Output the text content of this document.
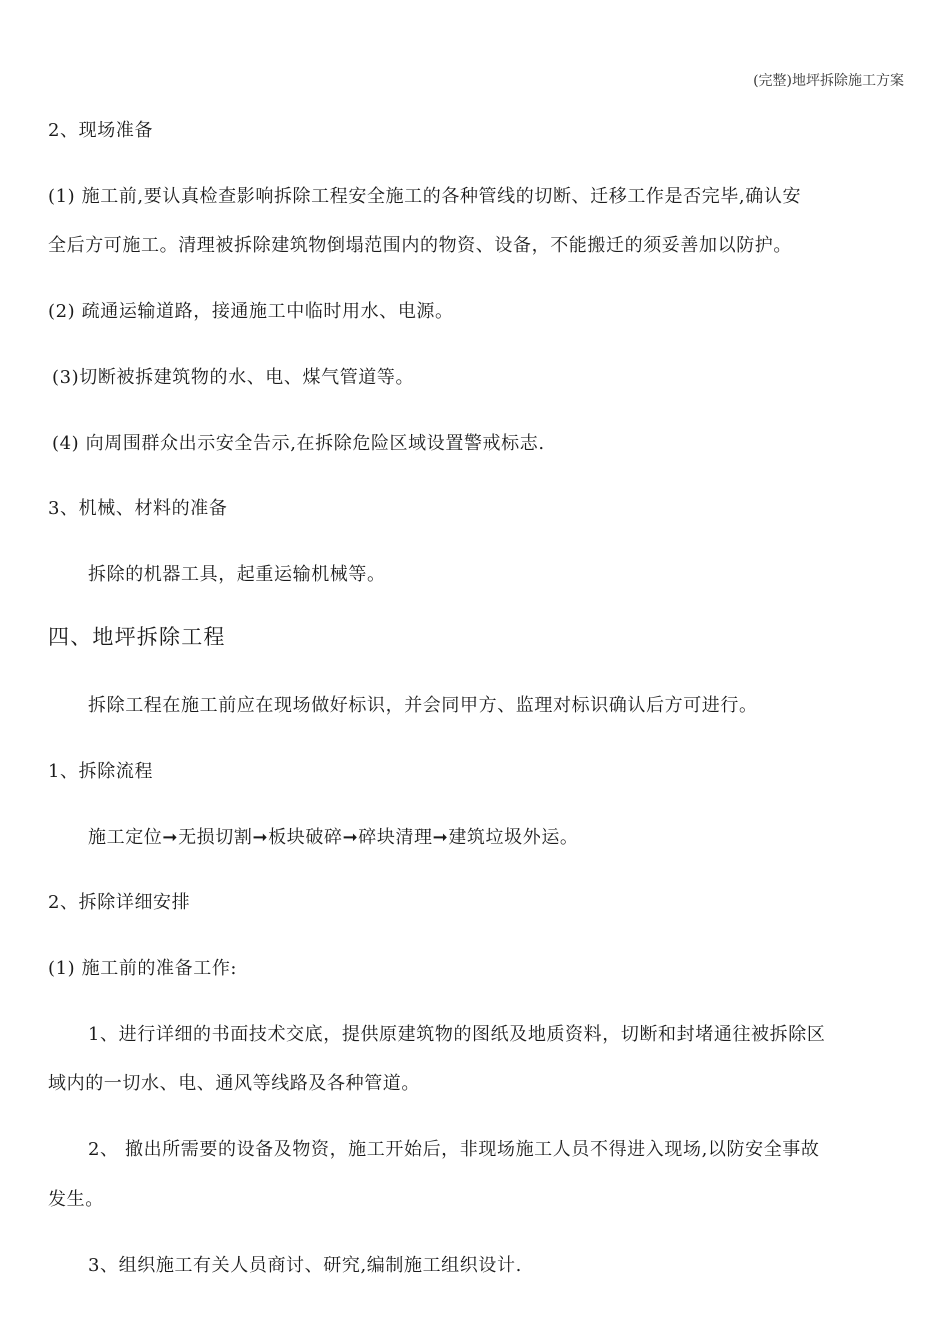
(完整)地坪拆除施工方案
2、现场准备
(1) 施工前,要认真检查影响拆除工程安全施工的各种管线的切断、迁移工作是否完毕,确认安
全后方可施工。清理被拆除建筑物倒塌范围内的物资、设备，不能搬迁的须妥善加以防护。
(2) 疏通运输道路，接通施工中临时用水、电源。
(3)切断被拆建筑物的水、电、煤气管道等。
(4) 向周围群众出示安全告示,在拆除危险区域设置警戒标志.
3、机械、材料的准备
拆除的机器工具，起重运输机械等。
四、地坪拆除工程
拆除工程在施工前应在现场做好标识，并会同甲方、监理对标识确认后方可进行。
1、拆除流程
施工定位➞无损切割➞板块破碎➞碎块清理➞建筑垃圾外运。
2、拆除详细安排
(1) 施工前的准备工作:
1、进行详细的书面技术交底，提供原建筑物的图纸及地质资料，切断和封堵通往被拆除区
域内的一切水、电、通风等线路及各种管道。
2、 撤出所需要的设备及物资，施工开始后，非现场施工人员不得进入现场,以防安全事故
发生。
3、组织施工有关人员商讨、研究,编制施工组织设计.
